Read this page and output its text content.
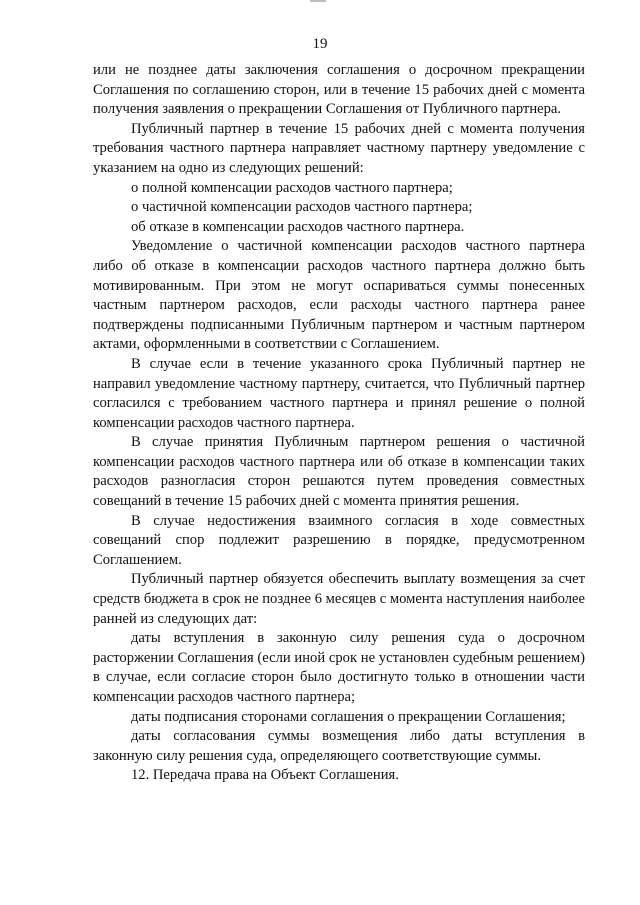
19

или не позднее даты заключения соглашения о досрочном прекращении Соглашения по соглашению сторон, или в течение 15 рабочих дней с момента получения заявления о прекращении Соглашения от Публичного партнера.

Публичный партнер в течение 15 рабочих дней с момента получения требования частного партнера направляет частному партнеру уведомление с указанием на одно из следующих решений:

о полной компенсации расходов частного партнера;

о частичной компенсации расходов частного партнера;

об отказе в компенсации расходов частного партнера.

Уведомление о частичной компенсации расходов частного партнера либо об отказе в компенсации расходов частного партнера должно быть мотивированным. При этом не могут оспариваться суммы понесенных частным партнером расходов, если расходы частного партнера ранее подтверждены подписанными Публичным партнером и частным партнером актами, оформленными в соответствии с Соглашением.

В случае если в течение указанного срока Публичный партнер не направил уведомление частному партнеру, считается, что Публичный партнер согласился с требованием частного партнера и принял решение о полной компенсации расходов частного партнера.

В случае принятия Публичным партнером решения о частичной компенсации расходов частного партнера или об отказе в компенсации таких расходов разногласия сторон решаются путем проведения совместных совещаний в течение 15 рабочих дней с момента принятия решения.

В случае недостижения взаимного согласия в ходе совместных совещаний спор подлежит разрешению в порядке, предусмотренном Соглашением.

Публичный партнер обязуется обеспечить выплату возмещения за счет средств бюджета в срок не позднее 6 месяцев с момента наступления наиболее ранней из следующих дат:

даты вступления в законную силу решения суда о досрочном расторжении Соглашения (если иной срок не установлен судебным решением) в случае, если согласие сторон было достигнуто только в отношении части компенсации расходов частного партнера;

даты подписания сторонами соглашения о прекращении Соглашения;

даты согласования суммы возмещения либо даты вступления в законную силу решения суда, определяющего соответствующие суммы.

12. Передача права на Объект Соглашения.
